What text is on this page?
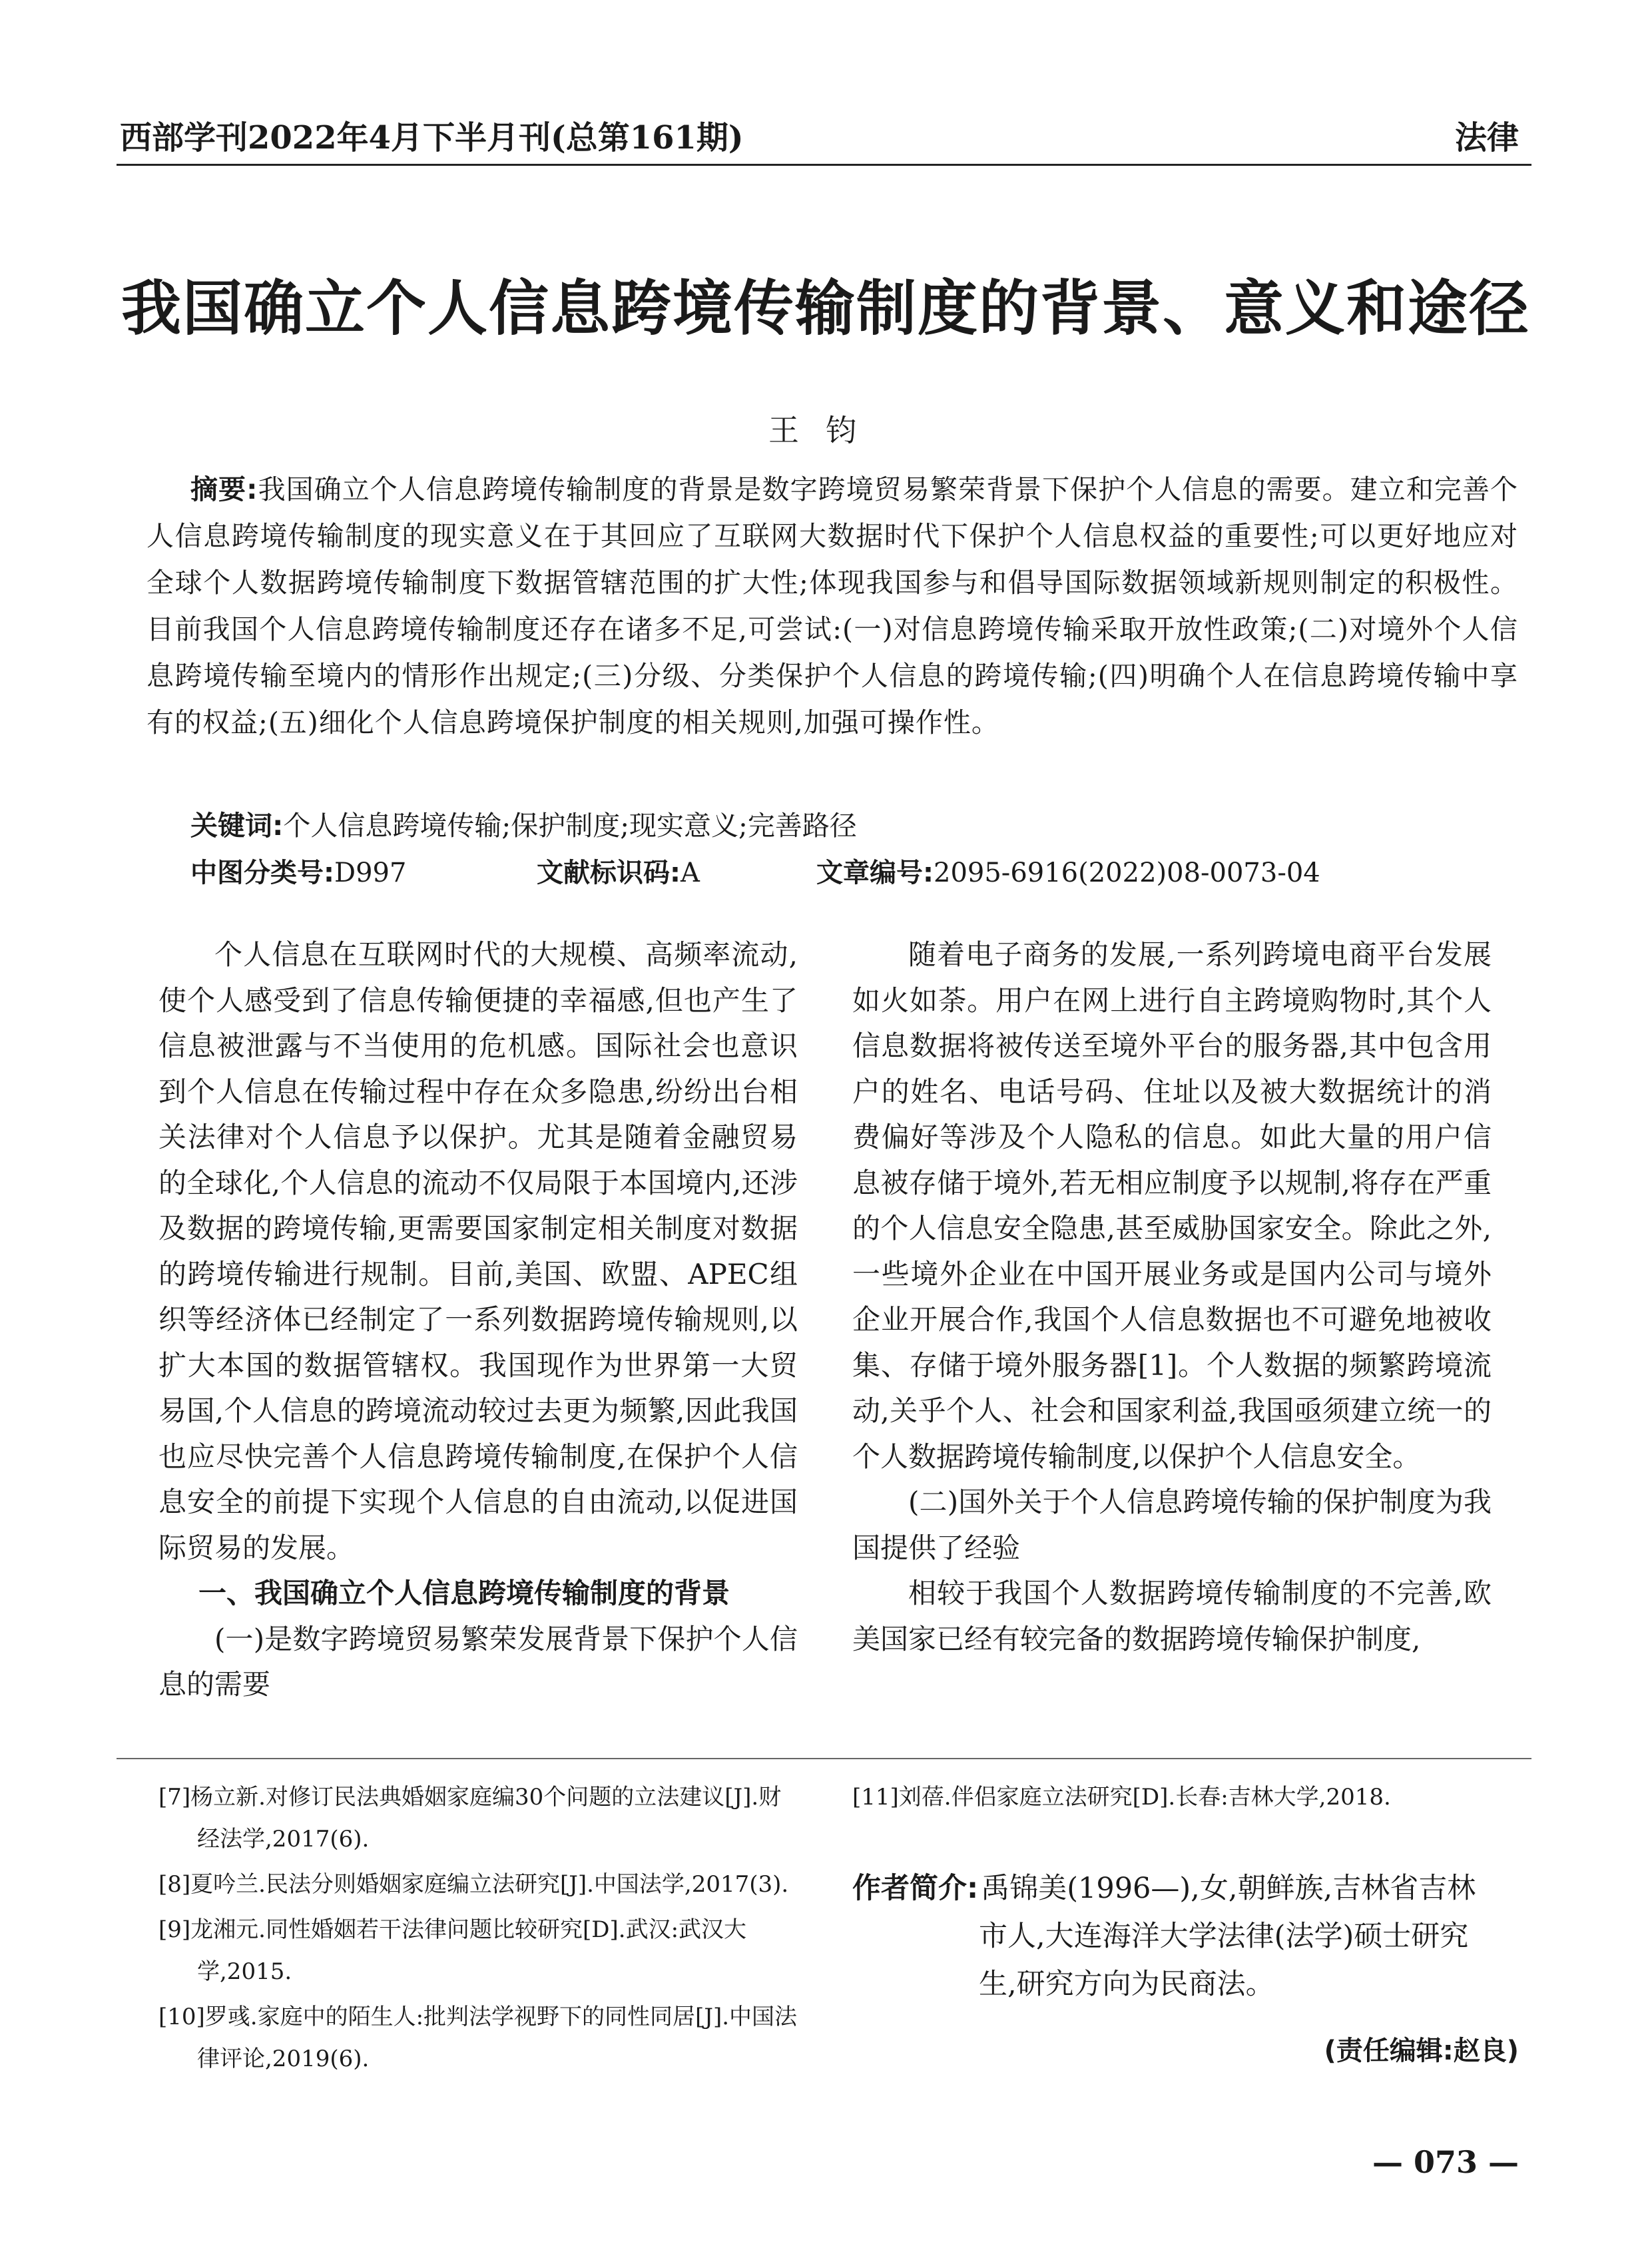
西部学刊2022年4月下半月刊(总第161期)	法律
我国确立个人信息跨境传输制度的背景、意义和途径
王钧
摘要:我国确立个人信息跨境传输制度的背景是数字跨境贸易繁荣背景下保护个人信息的需要。建立和完善个人信息跨境传输制度的现实意义在于其回应了互联网大数据时代下保护个人信息权益的重要性;可以更好地应对全球个人数据跨境传输制度下数据管辖范围的扩大性;体现我国参与和倡导国际数据领域新规则制定的积极性。目前我国个人信息跨境传输制度还存在诸多不足,可尝试:(一)对信息跨境传输采取开放性政策;(二)对境外个人信息跨境传输至境内的情形作出规定;(三)分级、分类保护个人信息的跨境传输;(四)明确个人在信息跨境传输中享有的权益;(五)细化个人信息跨境保护制度的相关规则,加强可操作性。
关键词:个人信息跨境传输;保护制度;现实意义;完善路径
中图分类号:D997	文献标识码:A	文章编号:2095-6916(2022)08-0073-04

个人信息在互联网时代的大规模、高频率流动,使个人感受到了信息传输便捷的幸福感,但也产生了信息被泄露与不当使用的危机感。国际社会也意识到个人信息在传输过程中存在众多隐患,纷纷出台相关法律对个人信息予以保护。尤其是随着金融贸易的全球化,个人信息的流动不仅局限于本国境内,还涉及数据的跨境传输,更需要国家制定相关制度对数据的跨境传输进行规制。目前,美国、欧盟、APEC组织等经济体已经制定了一系列数据跨境传输规则,以扩大本国的数据管辖权。我国现作为世界第一大贸易国,个人信息的跨境流动较过去更为频繁,因此我国也应尽快完善个人信息跨境传输制度,在保护个人信息安全的前提下实现个人信息的自由流动,以促进国际贸易的发展。

一、我国确立个人信息跨境传输制度的背景

(一)是数字跨境贸易繁荣发展背景下保护个人信息的需要

随着电子商务的发展,一系列跨境电商平台发展如火如荼。用户在网上进行自主跨境购物时,其个人信息数据将被传送至境外平台的服务器,其中包含用户的姓名、电话号码、住址以及被大数据统计的消费偏好等涉及个人隐私的信息。如此大量的用户信息被存储于境外,若无相应制度予以规制,将存在严重的个人信息安全隐患,甚至威胁国家安全。除此之外,一些境外企业在中国开展业务或是国内公司与境外企业开展合作,我国个人信息数据也不可避免地被收集、存储于境外服务器[1]。个人数据的频繁跨境流动,关乎个人、社会和国家利益,我国亟须建立统一的个人数据跨境传输制度,以保护个人信息安全。

(二)国外关于个人信息跨境传输的保护制度为我国提供了经验

相较于我国个人数据跨境传输制度的不完善,欧美国家已经有较完备的数据跨境传输保护制度,

[7]杨立新.对修订民法典婚姻家庭编30个问题的立法建议[J].财经法学,2017(6).

[8]夏吟兰.民法分则婚姻家庭编立法研究[J].中国法学,2017(3).

[9]龙湘元.同性婚姻若干法律问题比较研究[D].武汉:武汉大学,2015.

[10]罗彧.家庭中的陌生人:批判法学视野下的同性同居[J].中国法律评论,2019(6).

[11]刘蓓.伴侣家庭立法研究[D].长春:吉林大学,2018.

作者简介: 禹锦美(1996—),女,朝鲜族,吉林省吉林市人,大连海洋大学法律(法学)硕士研究生,研究方向为民商法。
(责任编辑:赵良)
— 073 —
